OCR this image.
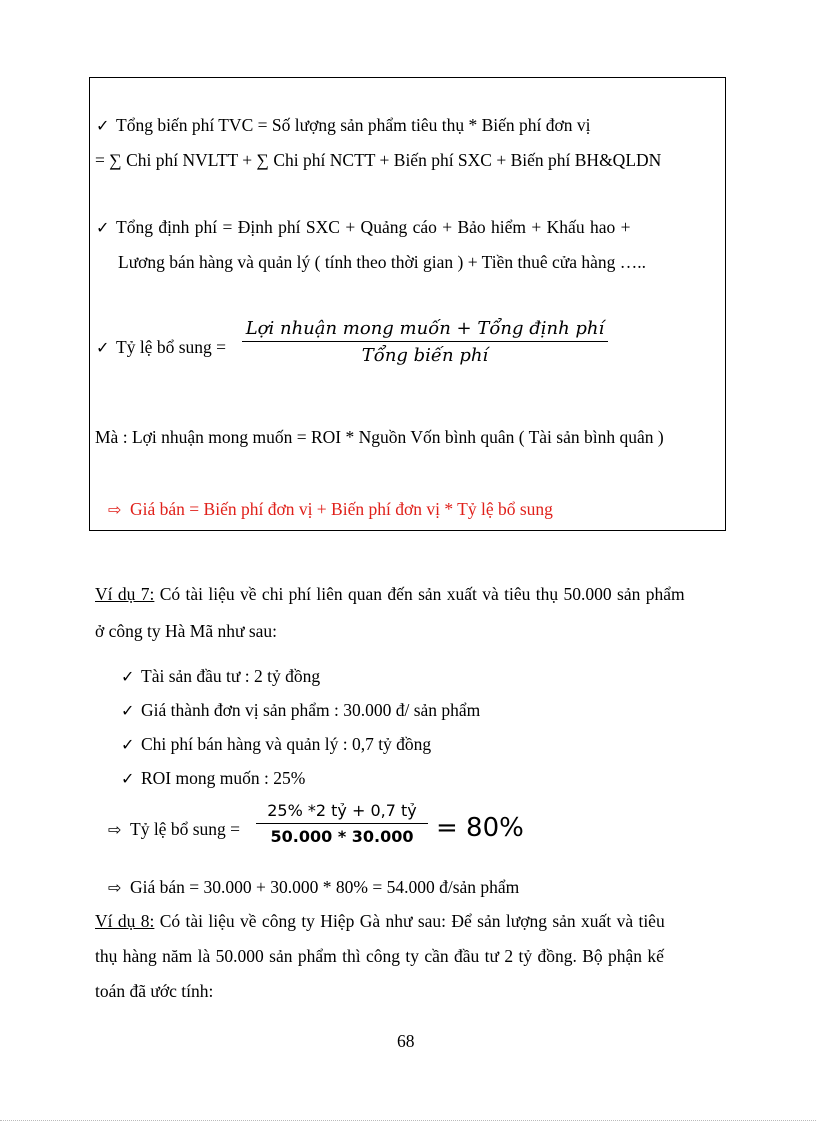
✓ Tổng biến phí TVC = Số lượng sản phẩm tiêu thụ * Biến phí đơn vị
= ∑ Chi phí NVLTT + ∑ Chi phí NCTT + Biến phí SXC + Biến phí BH&QLDN
✓ Tổng định phí = Định phí SXC + Quảng cáo + Bảo hiểm + Khấu hao +
Lương bán hàng và quản lý ( tính theo thời gian ) + Tiền thuê cửa hàng …..
✓ Tỷ lệ bổ sung =
Lợi nhuận mong muốn + Tổng định phí
Tổng biến phí
Mà : Lợi nhuận mong muốn = ROI * Nguồn Vốn bình quân ( Tài sản bình quân )
⇨ Giá bán = Biến phí đơn vị + Biến phí đơn vị * Tỷ lệ bổ sung
Ví dụ 7: Có tài liệu về chi phí liên quan đến sản xuất và tiêu thụ 50.000 sản phẩm
ở công ty Hà Mã như sau:
✓ Tài sản đầu tư : 2 tỷ đồng
✓ Giá thành đơn vị sản phẩm : 30.000 đ/ sản phẩm
✓ Chi phí bán hàng và quản lý : 0,7 tỷ đồng
✓ ROI mong muốn : 25%
⇨ Tỷ lệ bổ sung =
25% *2 tỷ + 0,7 tỷ
50.000 * 30.000 = 80%
⇨ Giá bán = 30.000 + 30.000 * 80% = 54.000 đ/sản phẩm
Ví dụ 8: Có tài liệu về công ty Hiệp Gà như sau: Để sản lượng sản xuất và tiêu
thụ hàng năm là 50.000 sản phẩm thì công ty cần đầu tư 2 tỷ đồng. Bộ phận kế
toán đã ước tính:
68
